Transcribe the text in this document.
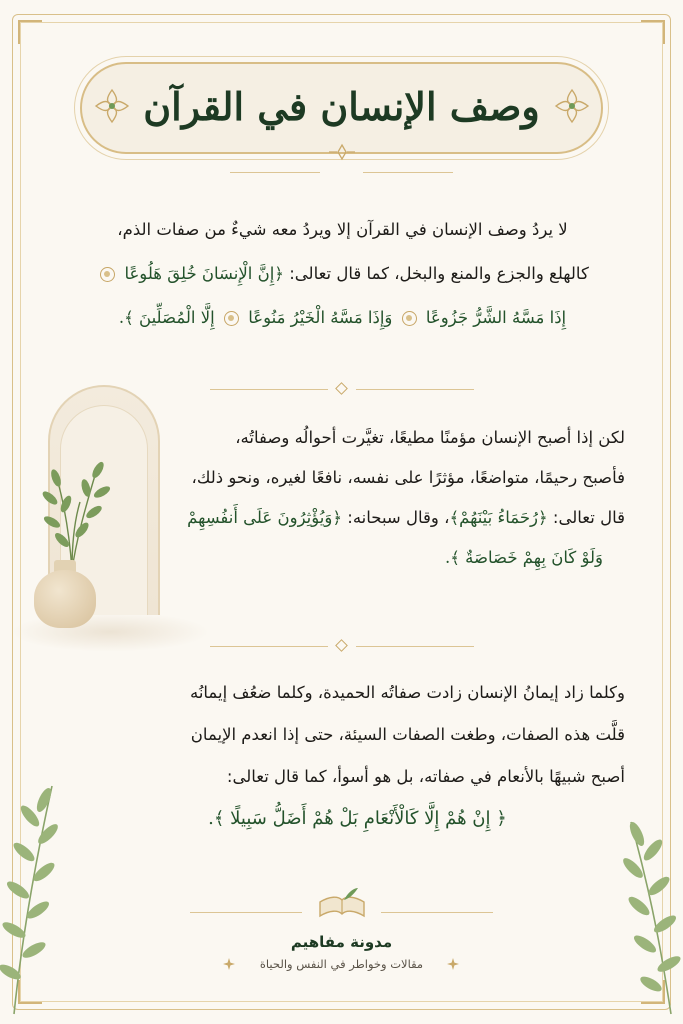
وصف الإنسان في القرآن
لا يردُ وصف الإنسان في القرآن إلا ويردُ معه شيءٌ من صفات الذم،
كالهلع والجزع والمنع والبخل، كما قال تعالى: ﴿إِنَّ الْإِنسَانَ خُلِقَ هَلُوعًا
إِذَا مَسَّهُ الشَّرُّ جَزُوعًا  وَإِذَا مَسَّهُ الْخَيْرُ مَنُوعًا  إِلَّا الْمُصَلِّينَ ﴾.
لكن إذا أصبح الإنسان مؤمنًا مطيعًا، تغيَّرت أحوالُه وصفاتُه،
فأصبح رحيمًا، متواضعًا، مؤثرًا على نفسه، نافعًا لغيره، ونحو ذلك،
قال تعالى: ﴿رُحَمَاءُ بَيْنَهُمْ﴾، وقال سبحانه: ﴿وَيُؤْثِرُونَ عَلَى أَنفُسِهِمْ
وَلَوْ كَانَ بِهِمْ خَصَاصَةٌ ﴾.
وكلما زاد إيمانُ الإنسان زادت صفاتُه الحميدة، وكلما ضعُف إيمانُه
قلَّت هذه الصفات، وطغت الصفات السيئة، حتى إذا انعدم الإيمان
أصبح شبيهًا بالأنعام في صفاته، بل هو أسوأ، كما قال تعالى:
﴿ إِنْ هُمْ إِلَّا كَالْأَنْعَامِ بَلْ هُمْ أَضَلُّ سَبِيلًا ﴾.
مدونة مفاهيم
مقالات وخواطر في النفس والحياة
